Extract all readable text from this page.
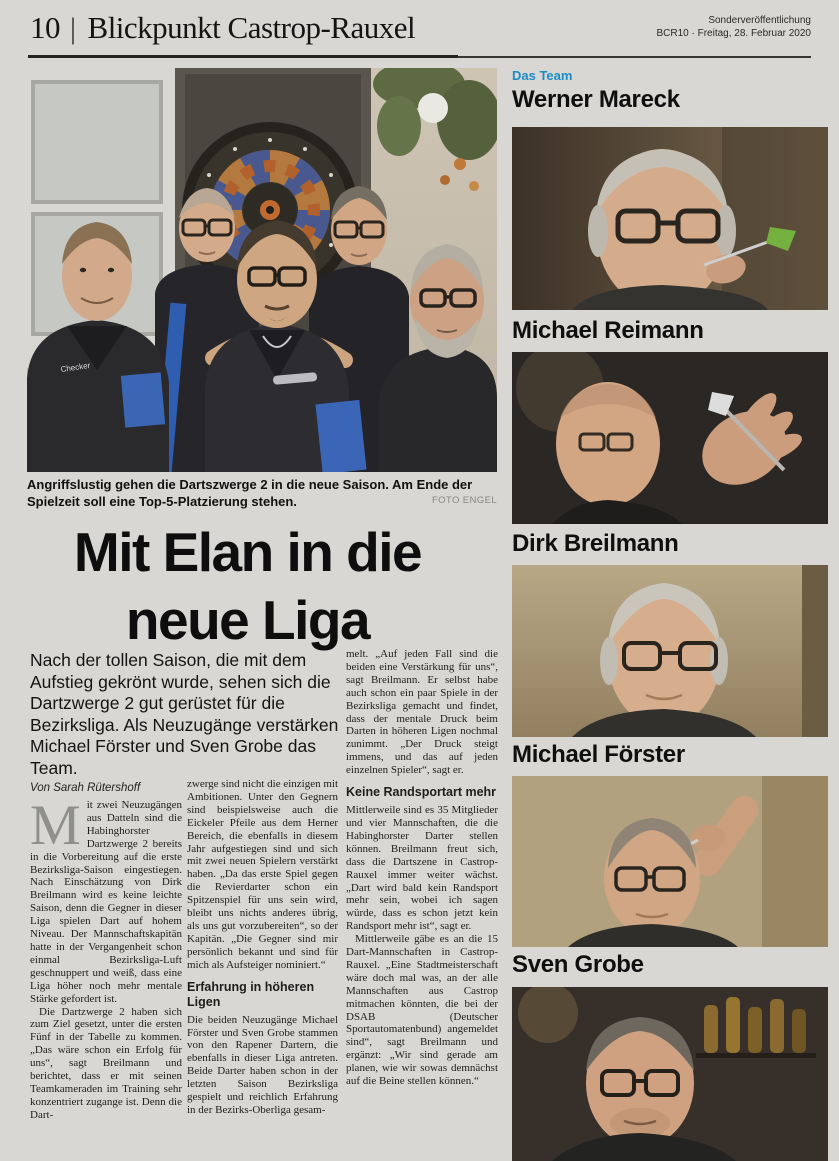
10 | Blickpunkt Castrop-Rauxel	Sonderveröffentlichung
BCR10 · Freitag, 28. Februar 2020
Checker
Angriffslustig gehen die Dartszwerge 2 in die neue Saison. Am Ende der Spielzeit soll eine Top-5-Platzierung stehen.	FOTO ENGEL
Mit Elan in die
neue Liga
Nach der tollen Saison, die mit dem Aufstieg gekrönt wurde, sehen sich die Dartzwerge 2 gut gerüstet für die Bezirksliga. Als Neuzugänge verstärken Michael Förster und Sven Grobe das Team.
Von Sarah Rütershoff

Mit zwei Neuzugängen aus Datteln sind die Habinghorster Dartzwerge 2 bereits in die Vorbereitung auf die erste Bezirksliga-Saison eingestiegen. Nach Einschätzung von Dirk Breilmann wird es keine leichte Saison, denn die Gegner in dieser Liga spielen Dart auf hohem Niveau. Der Mannschaftskapitän hatte in der Vergangenheit schon einmal Bezirksliga-Luft geschnuppert und weiß, dass eine Liga höher noch mehr mentale Stärke gefordert ist.

Die Dartzwerge 2 haben sich zum Ziel gesetzt, unter die ersten Fünf in der Tabelle zu kommen. „Das wäre schon ein Erfolg für uns“, sagt Breilmann und berichtet, dass er mit seinen Teamkameraden im Training sehr konzentriert zugange ist. Denn die Dart-

zwerge sind nicht die einzigen mit Ambitionen. Unter den Gegnern sind beispielsweise auch die Eickeler Pfeile aus dem Herner Bereich, die ebenfalls in diesem Jahr aufgestiegen sind und sich mit zwei neuen Spielern verstärkt haben. „Da das erste Spiel gegen die Revierdarter schon ein Spitzenspiel für uns sein wird, bleibt uns nichts anderes übrig, als uns gut vorzubereiten“, so der Kapitän. „Die Gegner sind mir persönlich bekannt und sind für mich als Aufsteiger nominiert.“

Erfahrung in höheren Ligen

Die beiden Neuzugänge Michael Förster und Sven Grobe stammen von den Rapener Dartern, die ebenfalls in dieser Liga antreten. Beide Darter haben schon in der letzten Saison Bezirksliga gespielt und reichlich Erfahrung in der Bezirks-Oberliga gesam-

melt. „Auf jeden Fall sind die beiden eine Verstärkung für uns“, sagt Breilmann. Er selbst habe auch schon ein paar Spiele in der Bezirksliga gemacht und findet, dass der mentale Druck beim Darten in höheren Ligen nochmal zunimmt. „Der Druck steigt immens, und das auf jeden einzelnen Spieler“, sagt er.

Keine Randsportart mehr

Mittlerweile sind es 35 Mitglieder und vier Mannschaften, die die Habinghorster Darter stellen können. Breilmann freut sich, dass die Dartszene in Castrop-Rauxel immer weiter wächst. „Dart wird bald kein Randsport mehr sein, wobei ich sagen würde, dass es schon jetzt kein Randsport mehr ist“, sagt er.

Mittlerweile gäbe es an die 15 Dart-Mannschaften in Castrop-Rauxel. „Eine Stadtmeisterschaft wäre doch mal was, an der alle Mannschaften aus Castrop mitmachen könnten, die bei der DSAB (Deutscher Sportautomatenbund) angemeldet sind“, sagt Breilmann und ergänzt: „Wir sind gerade am planen, wie wir sowas demnächst auf die Beine stellen können.“

Das Team
Werner Mareck
Michael Reimann
Dirk Breilmann
Michael Förster
Sven Grobe
